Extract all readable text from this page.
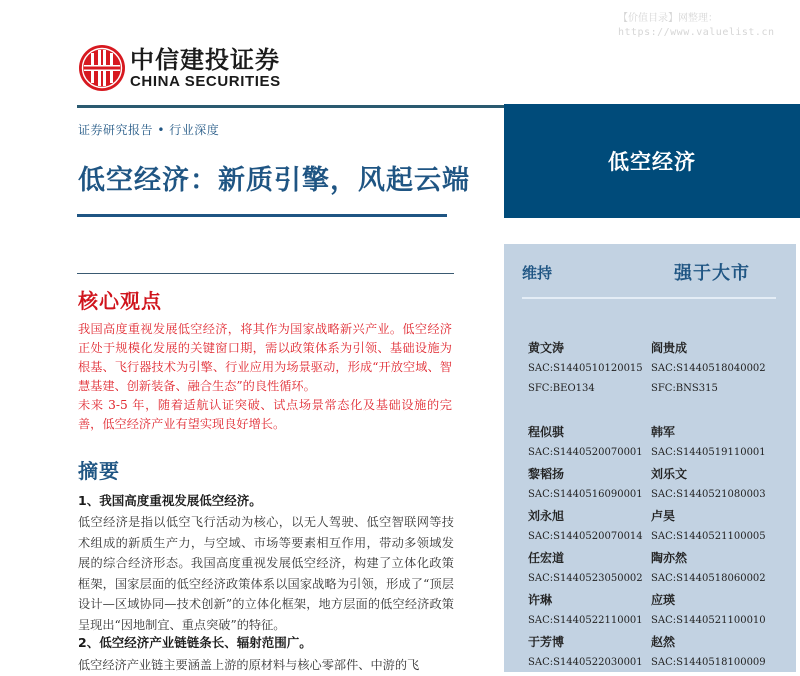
【价值目录】网整理：
https://www.valuelist.cn
中信建投证券
CHINA SECURITIES
证券研究报告 • 行业深度
低空经济：新质引擎，风起云端
核心观点

我国高度重视发展低空经济，将其作为国家战略新兴产业。低空经济正处于规模化发展的关键窗口期，需以政策体系为引领、基础设施为根基、飞行器技术为引擎、行业应用为场景驱动，形成“开放空域、智慧基建、创新装备、融合生态”的良性循环。

未来 3-5 年，随着适航认证突破、试点场景常态化及基础设施的完善，低空经济产业有望实现良好增长。

摘要
1、我国高度重视发展低空经济。
低空经济是指以低空飞行活动为核心，以无人驾驶、低空智联网等技术组成的新质生产力，与空域、市场等要素相互作用，带动多领域发展的综合经济形态。我国高度重视发展低空经济，构建了立体化政策框架，国家层面的低空经济政策体系以国家战略为引领，形成了“顶层设计—区域协同—技术创新”的立体化框架，地方层面的低空经济政策呈现出“因地制宜、重点突破”的特征。
2、低空经济产业链链条长、辐射范围广。
低空经济产业链主要涵盖上游的原材料与核心零部件、中游的飞
低空经济
维持	强于大市
黄文涛
SAC:S1440510120015
SFC:BEO134
阎贵成
SAC:S1440518040002
SFC:BNS315
程似骐
SAC:S1440520070001
韩军
SAC:S1440519110001
黎韬扬
SAC:S1440516090001
刘乐文
SAC:S1440521080003
刘永旭
SAC:S1440520070014
卢昊
SAC:S1440521100005
任宏道
SAC:S1440523050002
陶亦然
SAC:S1440518060002
许琳
SAC:S1440522110001
应瑛
SAC:S1440521100010
于芳博
SAC:S1440522030001
赵然
SAC:S1440518100009
